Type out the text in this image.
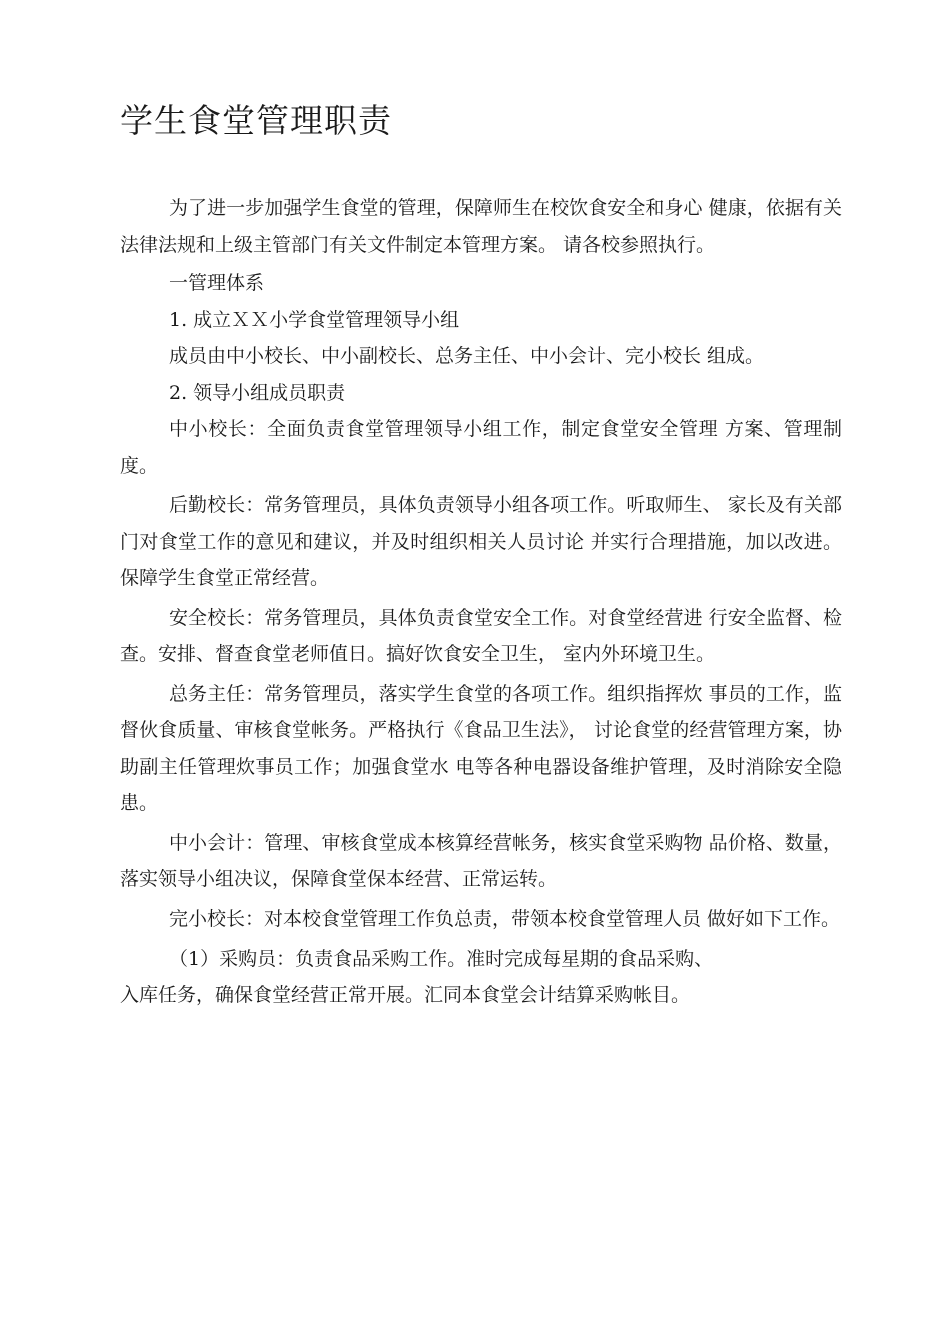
学生食堂管理职责

为了进一步加强学生食堂的管理，保障师生在校饮食安全和身心 健康，依据有关法律法规和上级主管部门有关文件制定本管理方案。 请各校参照执行。

一管理体系

1. 成立ＸＸ小学食堂管理领导小组

成员由中小校长、中小副校长、总务主任、中小会计、完小校长 组成。

2. 领导小组成员职责

中小校长：全面负责食堂管理领导小组工作，制定食堂安全管理 方案、管理制度。

后勤校长：常务管理员，具体负责领导小组各项工作。听取师生、 家长及有关部门对食堂工作的意见和建议，并及时组织相关人员讨论 并实行合理措施，加以改进。保障学生食堂正常经营。

安全校长：常务管理员，具体负责食堂安全工作。对食堂经营进 行安全监督、检查。安排、督查食堂老师值日。搞好饮食安全卫生， 室内外环境卫生。

总务主任：常务管理员，落实学生食堂的各项工作。组织指挥炊 事员的工作，监督伙食质量、审核食堂帐务。严格执行《食品卫生法》， 讨论食堂的经营管理方案，协助副主任管理炊事员工作；加强食堂水 电等各种电器设备维护管理，及时消除安全隐患。

中小会计：管理、审核食堂成本核算经营帐务，核实食堂采购物 品价格、数量，落实领导小组决议，保障食堂保本经营、正常运转。

完小校长：对本校食堂管理工作负总责，带领本校食堂管理人员 做好如下工作。

（1）采购员：负责食品采购工作。准时完成每星期的食品采购、

入库任务，确保食堂经营正常开展。汇同本食堂会计结算采购帐目。
